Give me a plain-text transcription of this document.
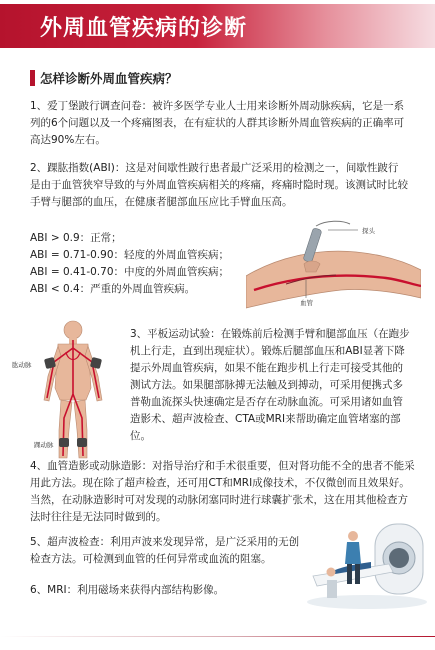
外周血管疾病的诊断
怎样诊断外周血管疾病？

1、爱丁堡跛行调查问卷：被许多医学专业人士用来诊断外周动脉疾病，它是一系列的6个问题以及一个疼痛图表，在有症状的人群其诊断外周血管疾病的正确率可高达90%左右。

2、踝肱指数(ABI)：这是对间歇性跛行患者最广泛采用的检测之一，间歇性跛行是由于血管狭窄导致的与外周血管疾病相关的疼痛，疼痛时隐时现。该测试时比较手臂与腿部的血压，在健康者腿部血压应比手臂血压高。

ABI > 0.9：正常；
ABI = 0.71-0.90：轻度的外周血管疾病；
ABI = 0.41-0.70：中度的外周血管疾病；
ABI < 0.4：严重的外周血管疾病。
探头
血管
肱动脉
踝动脉

3、平板运动试验：在锻炼前后检测手臂和腿部血压（在跑步机上行走，直到出现症状）。锻炼后腿部血压和ABI显著下降提示外周血管疾病，如果不能在跑步机上行走可接受其他的测试方法。如果腿部脉搏无法触及到搏动，可采用便携式多普勒血流探头快速确定是否存在动脉血流。可采用诸如血管造影术、超声波检查、CTA或MRI来帮助确定血管堵塞的部位。

4、血管造影或动脉造影：对指导治疗和手术很重要，但对肾功能不全的患者不能采用此方法。现在除了超声检查，还可用CT和MRI成像技术，不仅微创而且效果好。当然，在动脉造影时可对发现的动脉闭塞同时进行球囊扩张术，这在用其他检查方法时往往是无法同时做到的。

5、超声波检查：利用声波来发现异常，是广泛采用的无创检查方法。可检测到血管的任何异常或血流的阻塞。

6、MRI：利用磁场来获得内部结构影像。
